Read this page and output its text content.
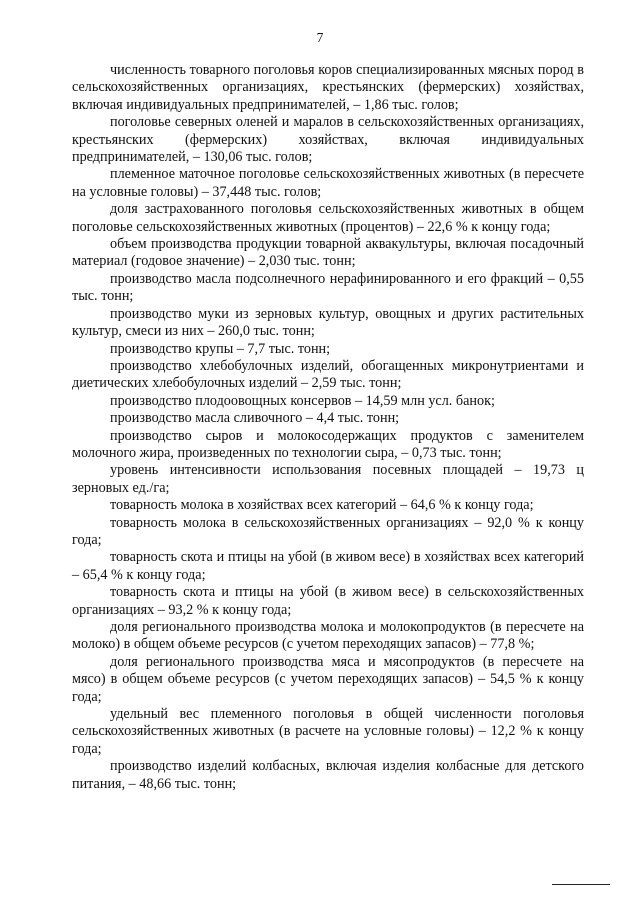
7

численность товарного поголовья коров специализированных мясных пород в сельскохозяйственных организациях, крестьянских (фермерских) хозяйствах, включая индивидуальных предпринимателей, – 1,86 тыс. голов;

поголовье северных оленей и маралов в сельскохозяйственных организациях, крестьянских (фермерских) хозяйствах, включая индивидуальных предпринимателей, – 130,06 тыс. голов;

племенное маточное поголовье сельскохозяйственных животных (в пересчете на условные головы) – 37,448 тыс. голов;

доля застрахованного поголовья сельскохозяйственных животных в общем поголовье сельскохозяйственных животных (процентов) – 22,6 % к концу года;

объем производства продукции товарной аквакультуры, включая посадочный материал (годовое значение) – 2,030 тыс. тонн;

производство масла подсолнечного нерафинированного и его фракций – 0,55 тыс. тонн;

производство муки из зерновых культур, овощных и других растительных культур, смеси из них – 260,0 тыс. тонн;

производство крупы – 7,7 тыс. тонн;

производство хлебобулочных изделий, обогащенных микронутриентами и диетических хлебобулочных изделий – 2,59 тыс. тонн;

производство плодоовощных консервов – 14,59 млн усл. банок;

производство масла сливочного – 4,4 тыс. тонн;

производство сыров и молокосодержащих продуктов с заменителем молочного жира, произведенных по технологии сыра, – 0,73 тыс. тонн;

уровень интенсивности использования посевных площадей – 19,73 ц зерновых ед./га;

товарность молока в хозяйствах всех категорий – 64,6 % к концу года;

товарность молока в сельскохозяйственных организациях – 92,0 % к концу года;

товарность скота и птицы на убой (в живом весе) в хозяйствах всех категорий – 65,4 % к концу года;

товарность скота и птицы на убой (в живом весе) в сельскохозяйственных организациях – 93,2 % к концу года;

доля регионального производства молока и молокопродуктов (в пересчете на молоко) в общем объеме ресурсов (с учетом переходящих запасов) – 77,8 %;

доля регионального производства мяса и мясопродуктов (в пересчете на мясо) в общем объеме ресурсов (с учетом переходящих запасов) – 54,5 % к концу года;

удельный вес племенного поголовья в общей численности поголовья сельскохозяйственных животных (в расчете на условные головы) – 12,2 % к концу года;

производство изделий колбасных, включая изделия колбасные для детского питания, – 48,66 тыс. тонн;
